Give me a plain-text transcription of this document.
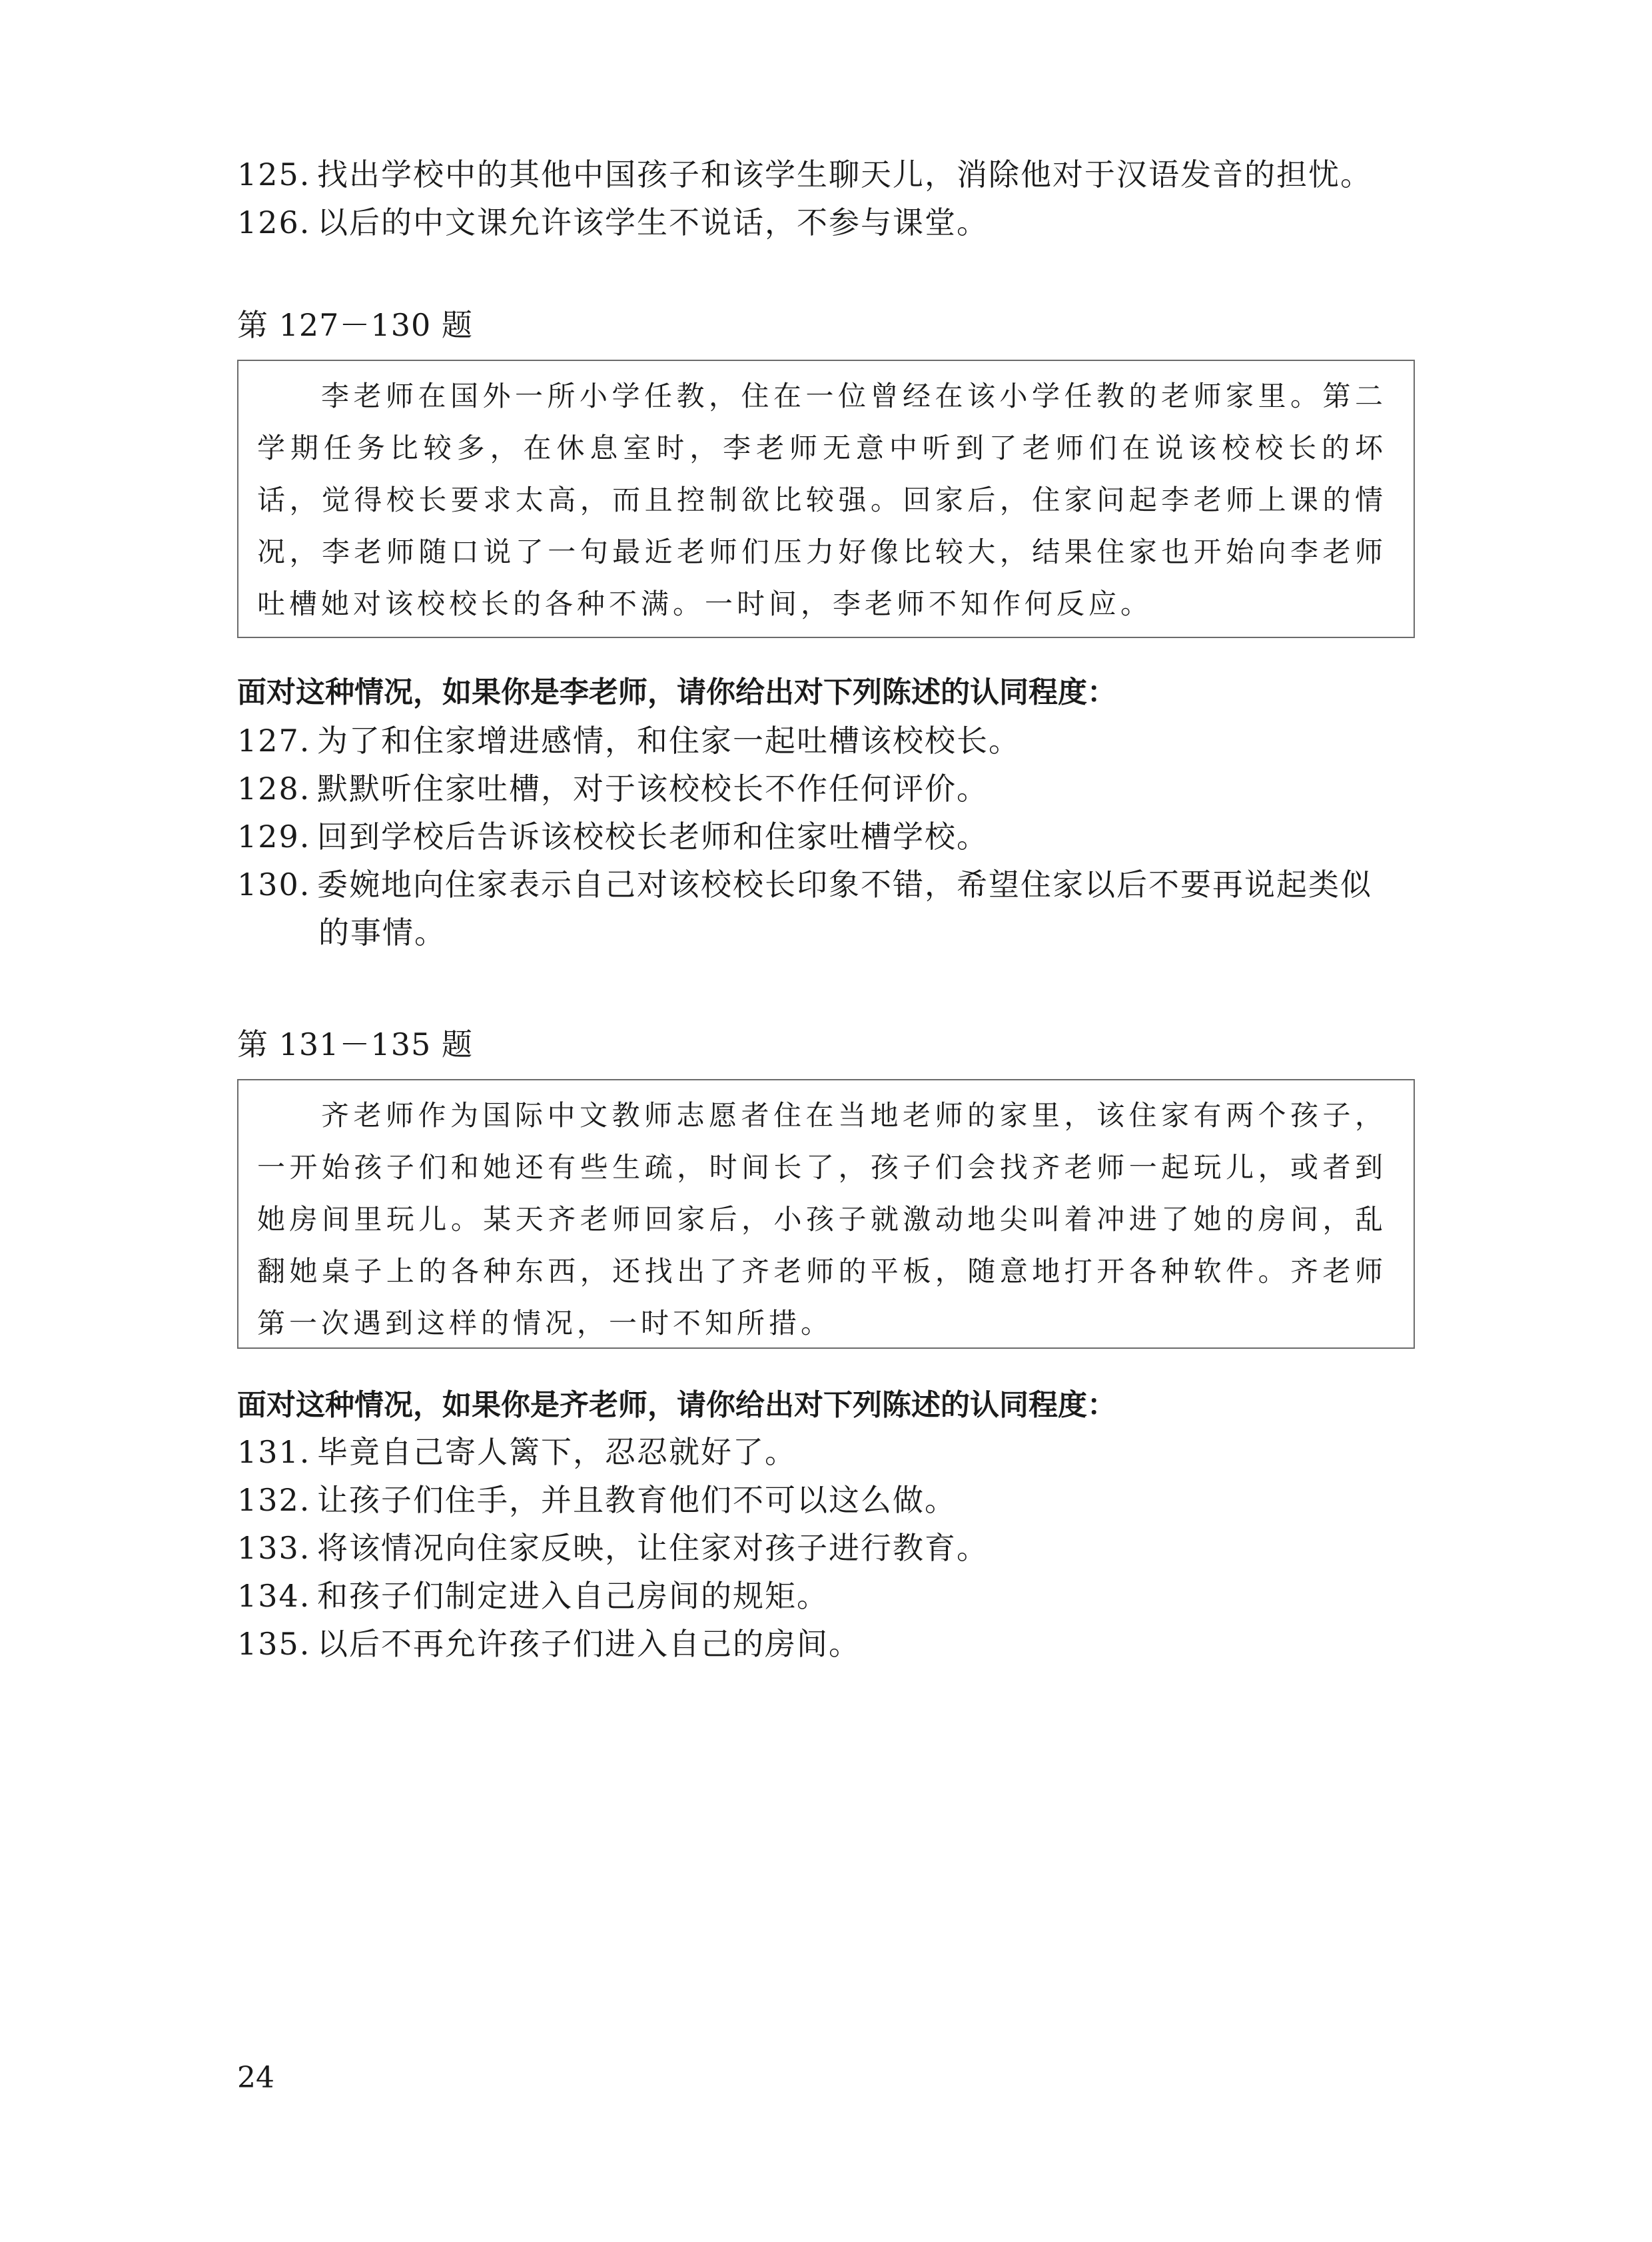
125. 找出学校中的其他中国孩子和该学生聊天儿，消除他对于汉语发音的担忧。
126. 以后的中文课允许该学生不说话，不参与课堂。
第 127－130 题

李老师在国外一所小学任教，住在一位曾经在该小学任教的老师家里。第二学期任务比较多，在休息室时，李老师无意中听到了老师们在说该校校长的坏话，觉得校长要求太高，而且控制欲比较强。回家后，住家问起李老师上课的情况，李老师随口说了一句最近老师们压力好像比较大，结果住家也开始向李老师吐槽她对该校校长的各种不满。一时间，李老师不知作何反应。

面对这种情况，如果你是李老师，请你给出对下列陈述的认同程度：
127. 为了和住家增进感情，和住家一起吐槽该校校长。
128. 默默听住家吐槽，对于该校校长不作任何评价。
129. 回到学校后告诉该校校长老师和住家吐槽学校。
130. 委婉地向住家表示自己对该校校长印象不错，希望住家以后不要再说起类似
的事情。
第 131－135 题

齐老师作为国际中文教师志愿者住在当地老师的家里，该住家有两个孩子，一开始孩子们和她还有些生疏，时间长了，孩子们会找齐老师一起玩儿，或者到她房间里玩儿。某天齐老师回家后，小孩子就激动地尖叫着冲进了她的房间，乱翻她桌子上的各种东西，还找出了齐老师的平板，随意地打开各种软件。齐老师第一次遇到这样的情况，一时不知所措。

面对这种情况，如果你是齐老师，请你给出对下列陈述的认同程度：
131. 毕竟自己寄人篱下，忍忍就好了。
132. 让孩子们住手，并且教育他们不可以这么做。
133. 将该情况向住家反映，让住家对孩子进行教育。
134. 和孩子们制定进入自己房间的规矩。
135. 以后不再允许孩子们进入自己的房间。
24
